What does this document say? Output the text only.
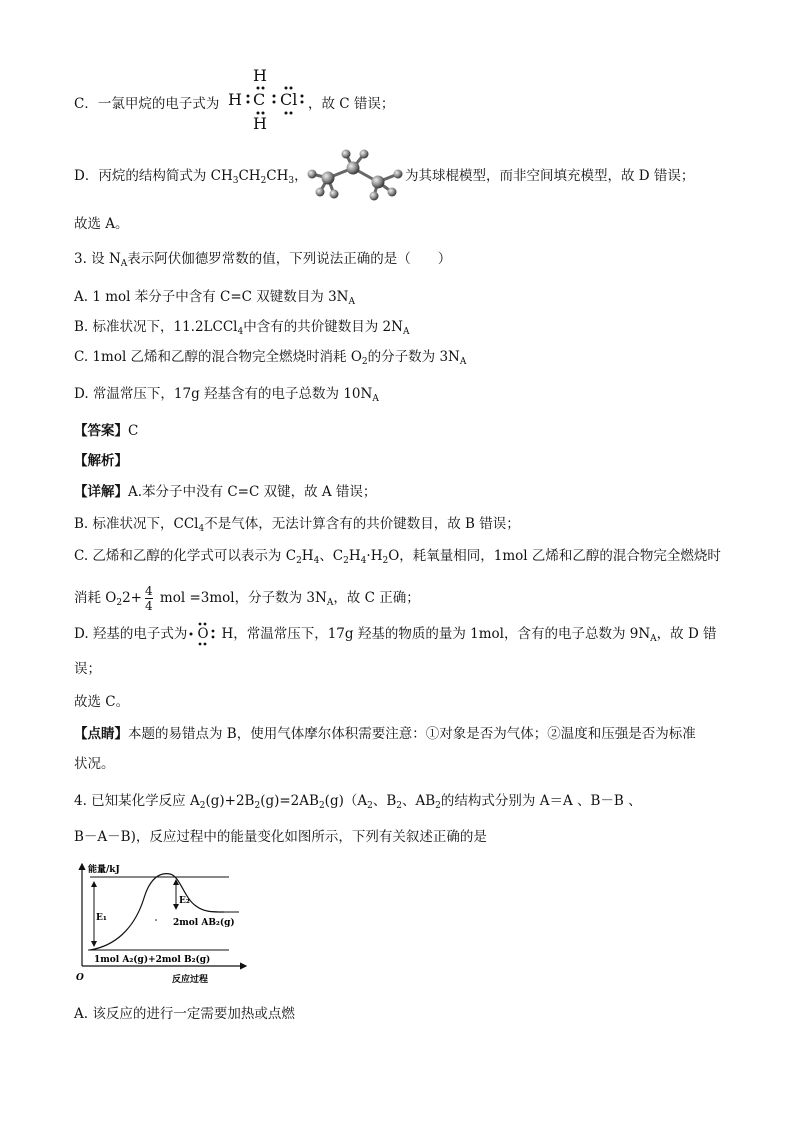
C．一氯甲烷的电子式为
H
H C Cl
H
，故 C 错误；
D．丙烷的结构简式为 $CH_3CH_2CH_3$，	为其球棍模型，而非空间填充模型，故 D 错误；
故选 A。
3. 设 $N_A$表示阿伏伽德罗常数的值，下列说法正确的是（　　）
A. 1 mol 苯分子中含有 C=C 双键数目为 $3N_A$
B. 标准状况下，11.2LCCl$_4$中含有的共价键数目为 $2N_A$
C. 1mol 乙烯和乙醇的混合物完全燃烧时消耗 $O_2$的分子数为 $3N_A$
D. 常温常压下，17g 羟基含有的电子总数为 $10N_A$
【答案】C
【解析】
【详解】A.苯分子中没有 C=C 双键，故 A 错误；
B. 标准状况下，CCl$_4$不是气体，无法计算含有的共价键数目，故 B 错误；
C. 乙烯和乙醇的化学式可以表示为 $C_2H_4$、$C_2H_4\cdot H_2O$，耗氧量相同，1mol 乙烯和乙醇的混合物完全燃烧时
消耗 $O_22+ \frac{4}{4}$ mol =3mol，分子数为 $3N_A$，故 C 正确；
D. 羟基的电子式为 O H，常温常压下，17g 羟基的物质的量为 1mol，含有的电子总数为 $9N_A$，故 D 错
误；
故选 C。
【点睛】本题的易错点为 B，使用气体摩尔体积需要注意：①对象是否为气体；②温度和压强是否为标准
状况。
4. 已知某化学反应 $A_2(g)+2B_2(g)=2AB_2(g)(A_2$、$B_2$、$AB_2$的结构式分别为 A＝A 、B－B 、
B－A－B)，反应过程中的能量变化如图所示，下列有关叙述正确的是
能量/kJ
反应过程
O
E₁
E₂
2mol AB₂(g)
1mol A₂(g)+2mol B₂(g)
A. 该反应的进行一定需要加热或点燃
